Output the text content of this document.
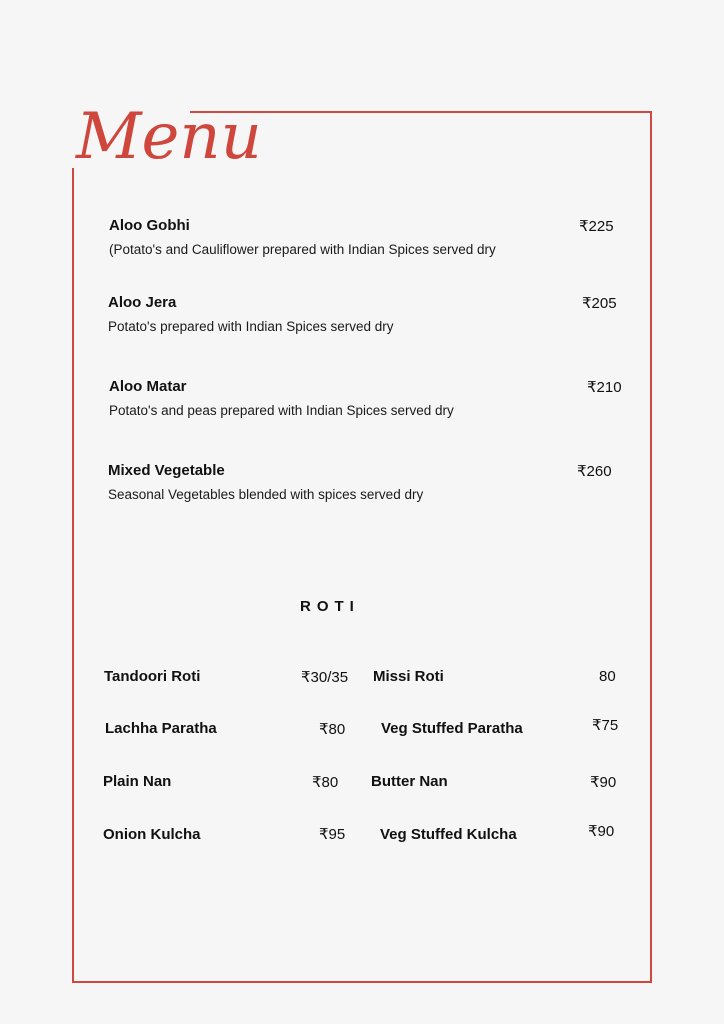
Menu
Aloo Gobhi
(Potato's and Cauliflower prepared with Indian Spices served dry
₹225
Aloo Jera
Potato's prepared with Indian Spices served dry
₹205
Aloo Matar
Potato's and peas prepared with Indian Spices served dry
₹210
Mixed Vegetable
Seasonal Vegetables blended with spices served dry
₹260
ROTI
Tandoori Roti	₹30/35 Missi Roti	80
Lachha Paratha	₹80 Veg Stuffed Paratha	₹75
Plain Nan	₹80 Butter Nan	₹90
Onion Kulcha	₹95 Veg Stuffed Kulcha	₹90
